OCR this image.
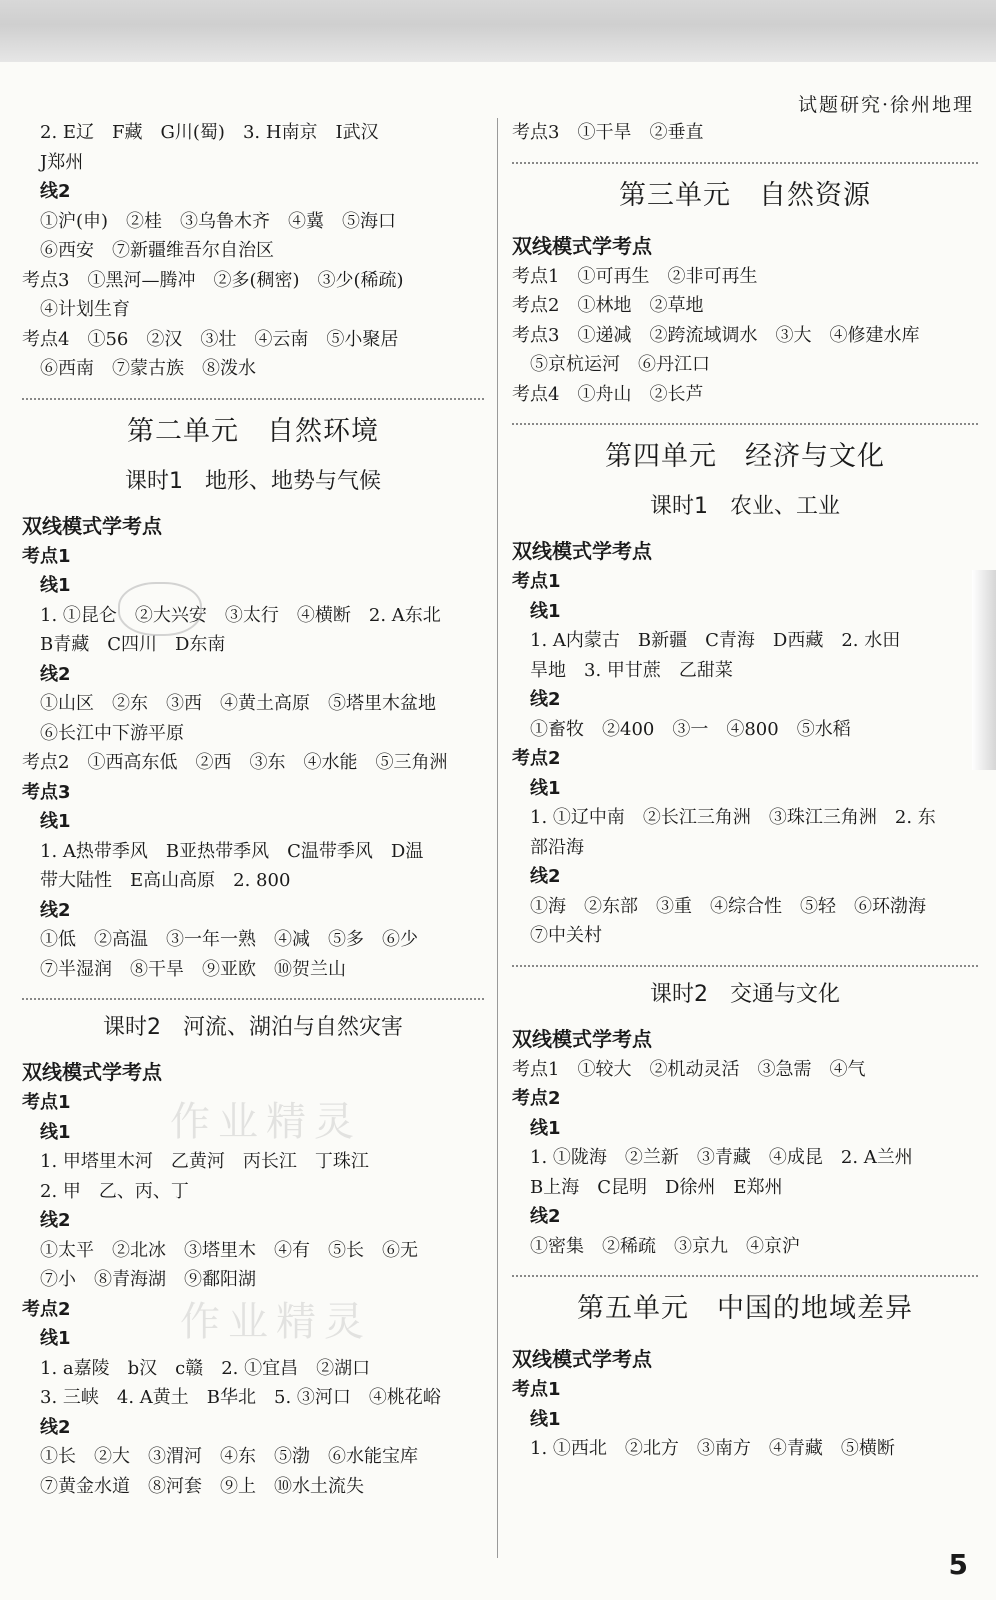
试题研究·徐州地理
2. E辽　F藏　G川(蜀)　3. H南京　I武汉
J郑州
线2
①沪(申)　②桂　③乌鲁木齐　④冀　⑤海口
⑥西安　⑦新疆维吾尔自治区
考点3　①黑河—腾冲　②多(稠密)　③少(稀疏)
④计划生育
考点4　①56　②汉　③壮　④云南　⑤小聚居
⑥西南　⑦蒙古族　⑧泼水
第二单元　自然环境
课时1　地形、地势与气候
双线模式学考点
考点1
线1
1. ①昆仑　②大兴安　③太行　④横断　2. A东北
B青藏　C四川　D东南
线2
①山区　②东　③西　④黄土高原　⑤塔里木盆地
⑥长江中下游平原
考点2　①西高东低　②西　③东　④水能　⑤三角洲
考点3
线1
1. A热带季风　B亚热带季风　C温带季风　D温
带大陆性　E高山高原　2. 800
线2
①低　②高温　③一年一熟　④减　⑤多　⑥少
⑦半湿润　⑧干旱　⑨亚欧　⑩贺兰山
课时2　河流、湖泊与自然灾害
双线模式学考点
考点1
线1
1. 甲塔里木河　乙黄河　丙长江　丁珠江
2. 甲　乙、丙、丁
线2
①太平　②北冰　③塔里木　④有　⑤长　⑥无
⑦小　⑧青海湖　⑨鄱阳湖
考点2
线1
1. a嘉陵　b汉　c赣　2. ①宜昌　②湖口
3. 三峡　4. A黄土　B华北　5. ③河口　④桃花峪
线2
①长　②大　③渭河　④东　⑤渤　⑥水能宝库
⑦黄金水道　⑧河套　⑨上　⑩水土流失
考点3　①干旱　②垂直
第三单元　自然资源
双线模式学考点
考点1　①可再生　②非可再生
考点2　①林地　②草地
考点3　①递减　②跨流域调水　③大　④修建水库
⑤京杭运河　⑥丹江口
考点4　①舟山　②长芦
第四单元　经济与文化
课时1　农业、工业
双线模式学考点
考点1
线1
1. A内蒙古　B新疆　C青海　D西藏　2. 水田
旱地　3. 甲甘蔗　乙甜菜
线2
①畜牧　②400　③一　④800　⑤水稻
考点2
线1
1. ①辽中南　②长江三角洲　③珠江三角洲　2. 东
部沿海
线2
①海　②东部　③重　④综合性　⑤轻　⑥环渤海
⑦中关村
课时2　交通与文化
双线模式学考点
考点1　①较大　②机动灵活　③急需　④气
考点2
线1
1. ①陇海　②兰新　③青藏　④成昆　2. A兰州
B上海　C昆明　D徐州　E郑州
线2
①密集　②稀疏　③京九　④京沪
第五单元　中国的地域差异
双线模式学考点
考点1
线1
1. ①西北　②北方　③南方　④青藏　⑤横断
作业精灵
作业精灵
5
